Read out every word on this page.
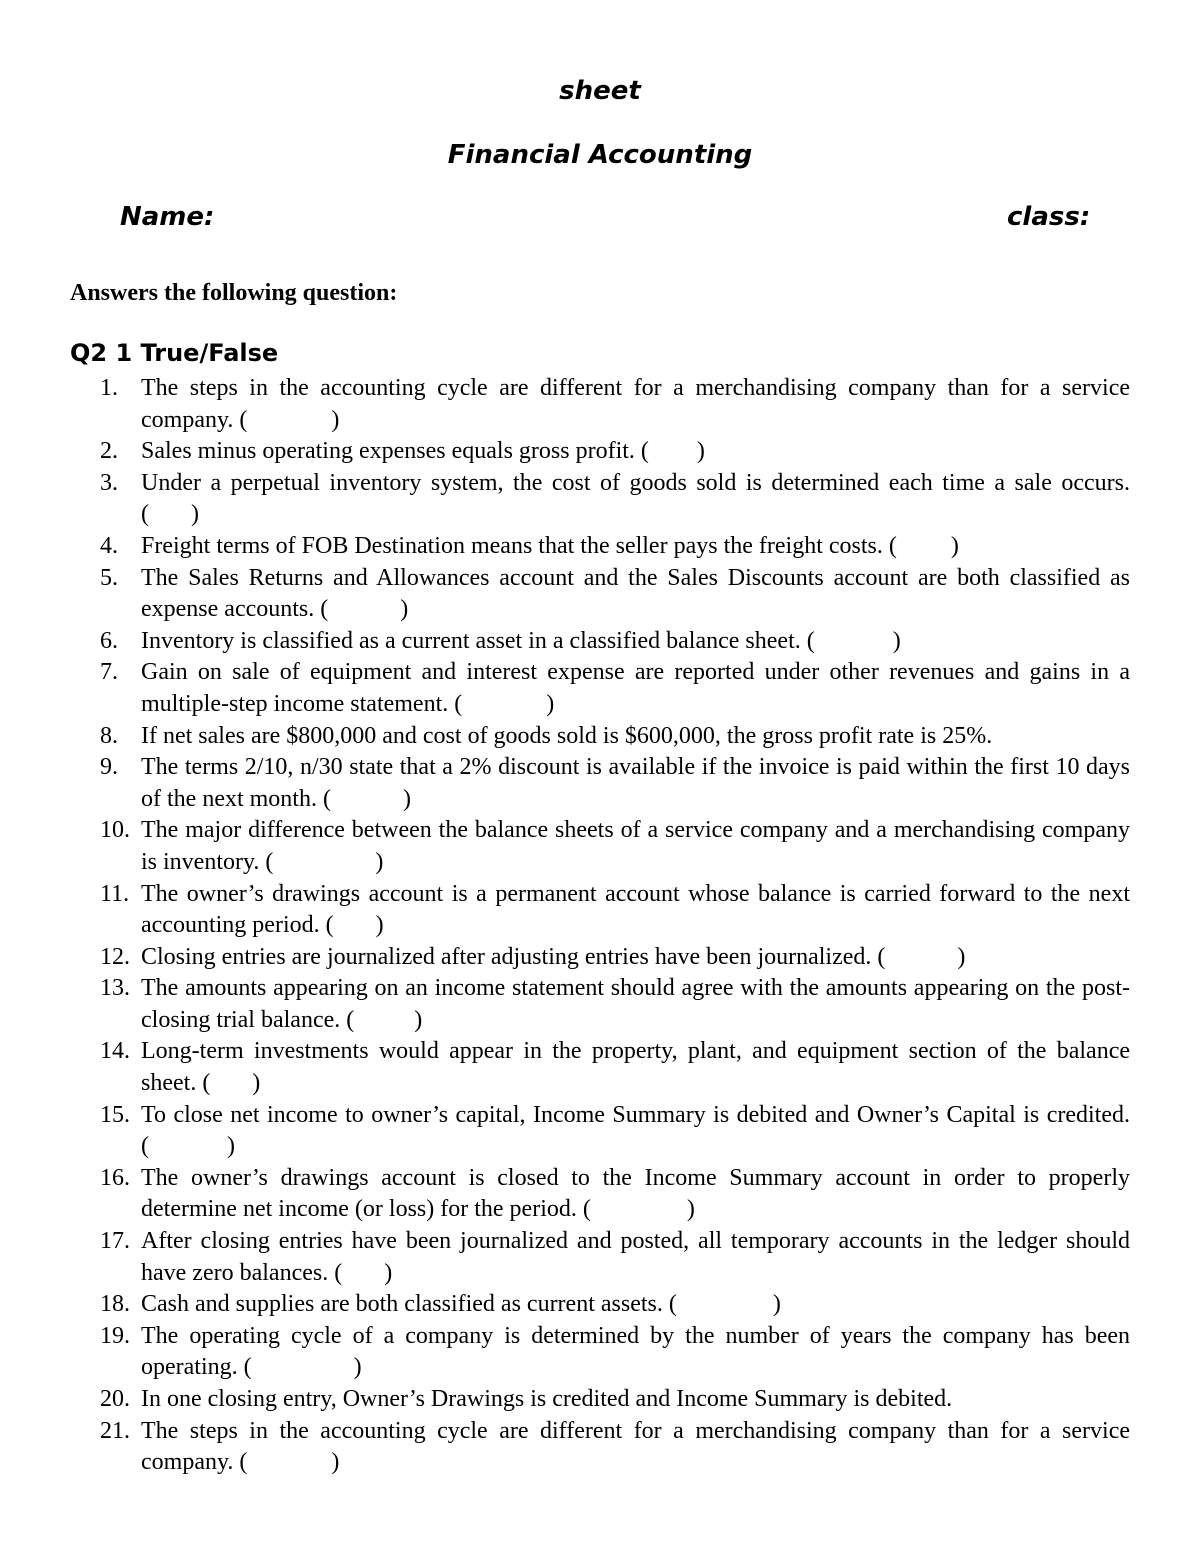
sheet
Financial Accounting
Name:	class:
Answers the following question:
Q2 1 True/False
1. The steps in the accounting cycle are different for a merchandising company than for a service company. (              )
2. Sales minus operating expenses equals gross profit. (        )
3. Under a perpetual inventory system, the cost of goods sold is determined each time a sale occurs. (       )
4. Freight terms of FOB Destination means that the seller pays the freight costs. (         )
5. The Sales Returns and Allowances account and the Sales Discounts account are both classified as expense accounts. (            )
6. Inventory is classified as a current asset in a classified balance sheet. (             )
7. Gain on sale of equipment and interest expense are reported under other revenues and gains in a multiple-step income statement. (              )
8. If net sales are $800,000 and cost of goods sold is $600,000, the gross profit rate is 25%.
9. The terms 2/10, n/30 state that a 2% discount is available if the invoice is paid within the first 10 days of the next month. (            )
10. The major difference between the balance sheets of a service company and a merchandising company is inventory. (                 )
11. The owner’s drawings account is a permanent account whose balance is carried forward to the next accounting period. (       )
12. Closing entries are journalized after adjusting entries have been journalized. (            )
13. The amounts appearing on an income statement should agree with the amounts appearing on the post-closing trial balance. (          )
14. Long-term investments would appear in the property, plant, and equipment section of the balance sheet. (       )
15. To close net income to owner’s capital, Income Summary is debited and Owner’s Capital is credited. (             )
16. The owner’s drawings account is closed to the Income Summary account in order to properly determine net income (or loss) for the period. (                )
17. After closing entries have been journalized and posted, all temporary accounts in the ledger should have zero balances. (       )
18. Cash and supplies are both classified as current assets. (                )
19. The operating cycle of a company is determined by the number of years the company has been operating. (                 )
20. In one closing entry, Owner’s Drawings is credited and Income Summary is debited.
21. The steps in the accounting cycle are different for a merchandising company than for a service company. (              )
